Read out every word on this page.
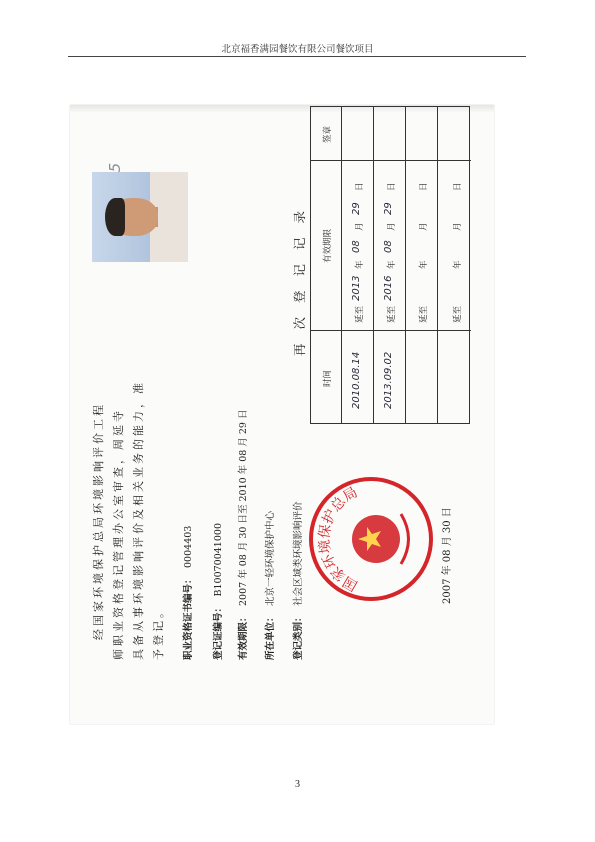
北京福香满园餐饮有限公司餐饮项目
再次登记记录
时间
有效期限
签章
2010.08.14
延至
2013
年
08
月
29
日
2013.09.02
延至
2016
年
08
月
29
日
延至
年
月
日
延至
年
月
日
经国家环境保护总局环境影响评价工程 师职业资格登记管理办公室审查，周延寺 具备从事环境影响评价及相关业务的能力，准 予登记。	职业资格证书编号： 0004403
登记证编号： B10070041000
有效期限： 2007 年 08 月 30 日至 2010 年 08 月 29 日
所在单位： 北京一轻环境保护中心
登记类别： 社会区域类环境影响评价	国家环境保护总局
2007 年 08 月 30 日
3
